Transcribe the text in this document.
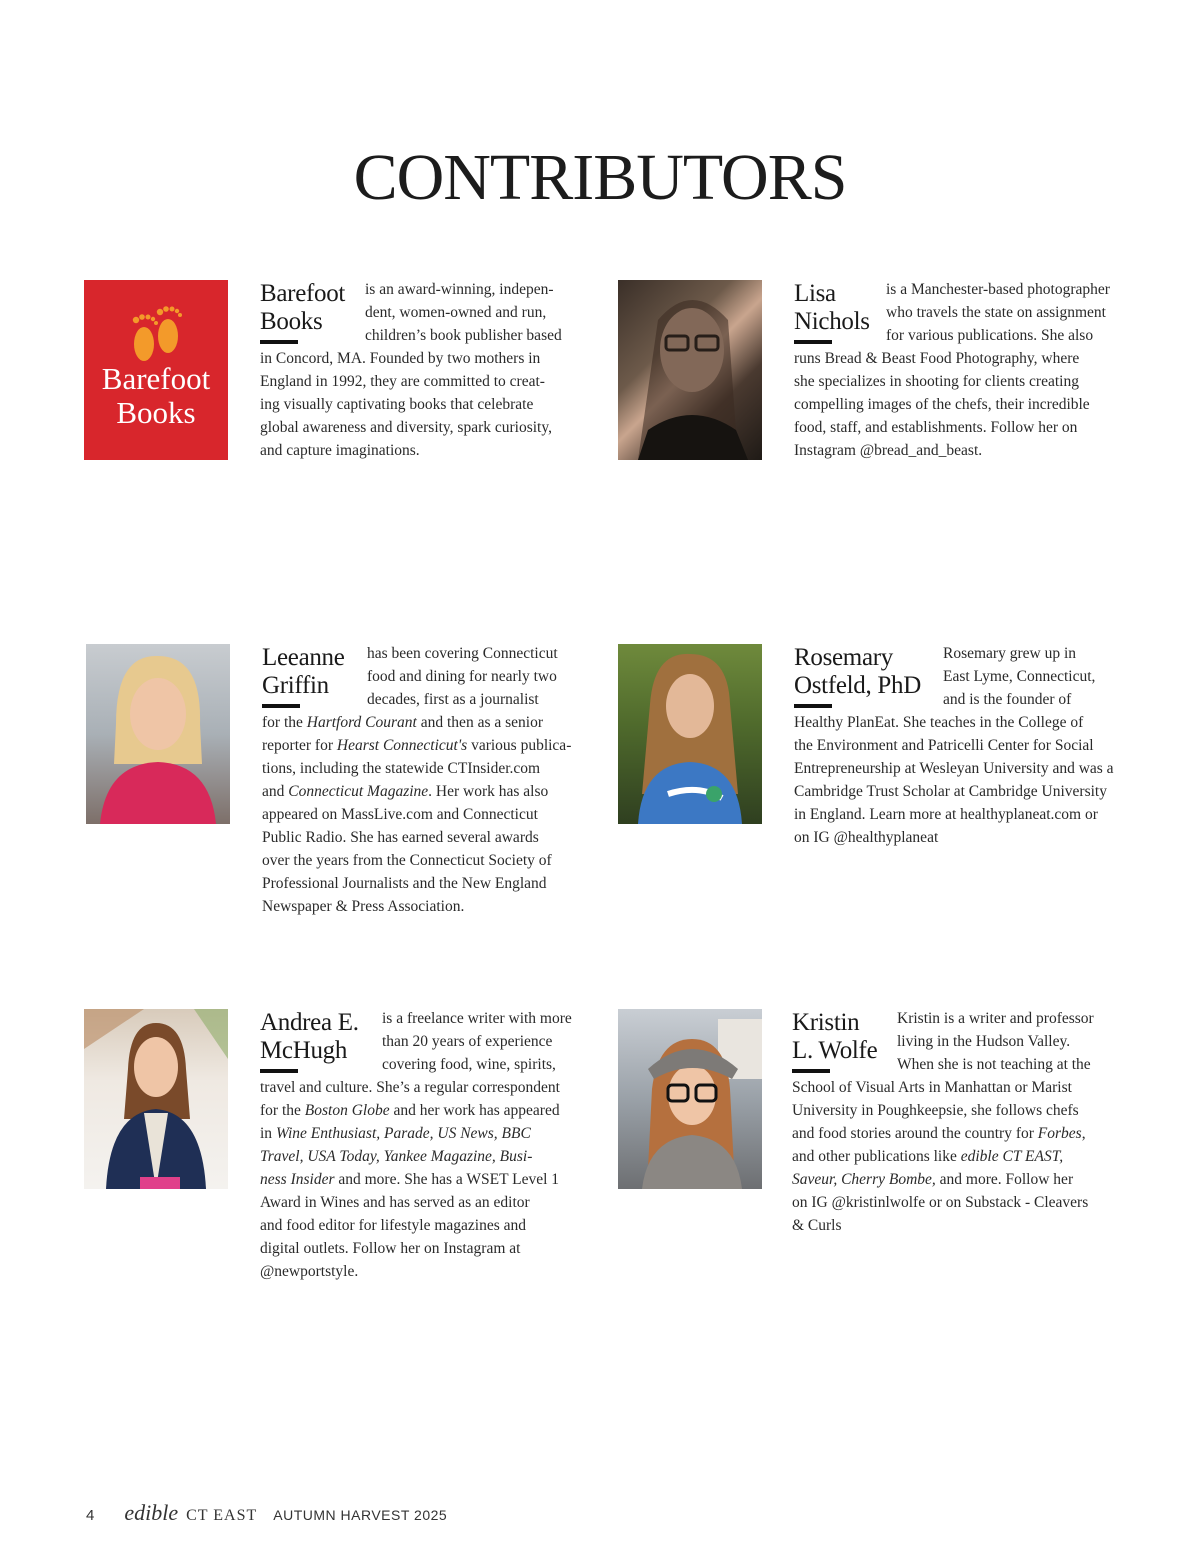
CONTRIBUTORS
Barefoot
Books
Barefoot
Books
is an award-winning, indepen-
dent, women-owned and run,
children’s book publisher based
in Concord, MA. Founded by two mothers in
England in 1992, they are committed to creat-
ing visually captivating books that celebrate
global awareness and diversity, spark curiosity,
and capture imaginations.
Lisa
Nichols
is a Manchester-based photographer
who travels the state on assignment
for various publications. She also
runs Bread & Beast Food Photography, where
she specializes in shooting for clients creating
compelling images of the chefs, their incredible
food, staff, and establishments. Follow her on
Instagram @bread_and_beast.
Leeanne
Griffin
has been covering Connecticut
food and dining for nearly two
decades, first as a journalist
for the Hartford Courant and then as a senior
reporter for Hearst Connecticut's various publica-
tions, including the statewide CTInsider.com
and Connecticut Magazine. Her work has also
appeared on MassLive.com and Connecticut
Public Radio. She has earned several awards
over the years from the Connecticut Society of
Professional Journalists and the New England
Newspaper & Press Association.
Rosemary
Ostfeld, PhD
Rosemary grew up in
East Lyme, Connecticut,
and is the founder of
Healthy PlanEat. She teaches in the College of
the Environment and Patricelli Center for Social
Entrepreneurship at Wesleyan University and was a
Cambridge Trust Scholar at Cambridge University
in England. Learn more at healthyplaneat.com or
on IG @healthyplaneat
Andrea E.
McHugh
is a freelance writer with more
than 20 years of experience
covering food, wine, spirits,
travel and culture. She’s a regular correspondent
for the Boston Globe and her work has appeared
in Wine Enthusiast, Parade, US News, BBC
Travel, USA Today, Yankee Magazine, Busi-
ness Insider and more. She has a WSET Level 1
Award in Wines and has served as an editor
and food editor for lifestyle magazines and
digital outlets. Follow her on Instagram at
@newportstyle.
Kristin
L. Wolfe
Kristin is a writer and professor
living in the Hudson Valley.
When she is not teaching at the
School of Visual Arts in Manhattan or Marist
University in Poughkeepsie, she follows chefs
and food stories around the country for Forbes,
and other publications like edible CT EAST,
Saveur, Cherry Bombe, and more. Follow her
on IG @kristinlwolfe or on Substack - Cleavers
& Curls
4 edible CT EAST AUTUMN HARVEST 2025
